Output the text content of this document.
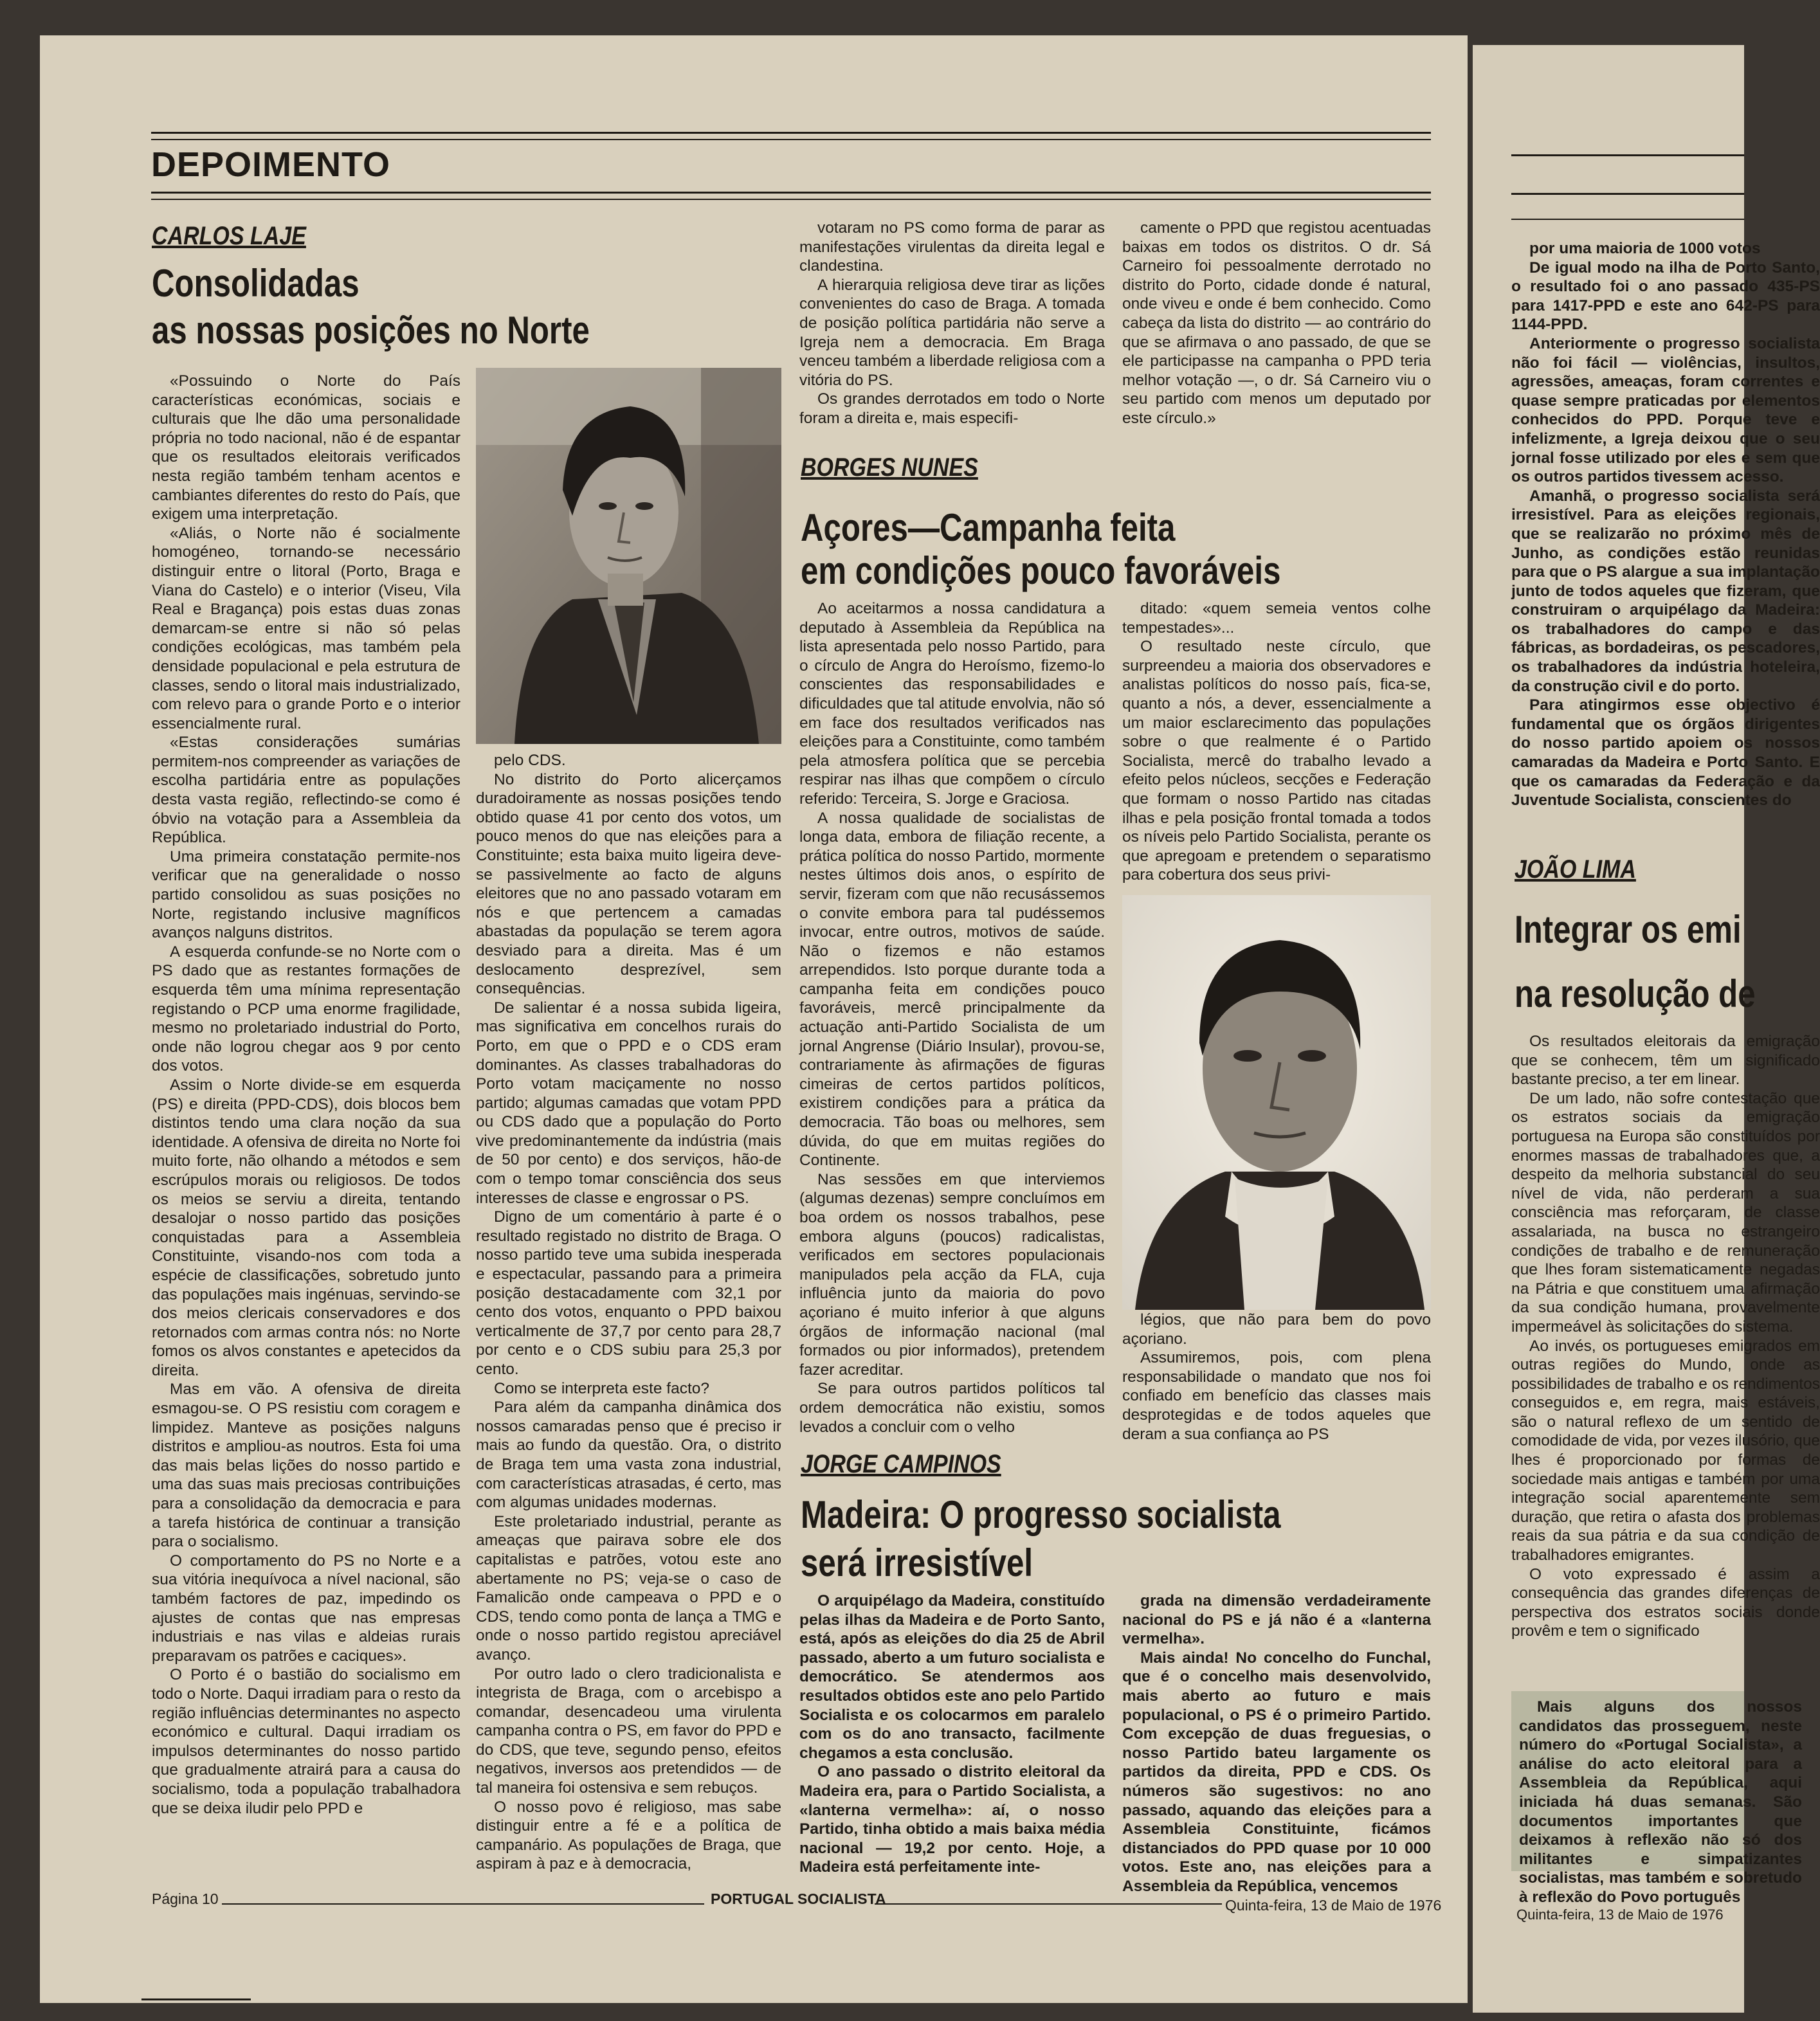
DEPOIMENTO
CARLOS LAJE
Consolidadas
as nossas posições no Norte

«Possuindo o Norte do País características económicas, sociais e culturais que lhe dão uma personalidade própria no todo nacional, não é de espantar que os resultados eleitorais verificados nesta região também tenham acentos e cambiantes diferentes do resto do País, que exigem uma interpretação.

«Aliás, o Norte não é socialmente homogéneo, tornando-se necessário distinguir entre o litoral (Porto, Braga e Viana do Castelo) e o interior (Viseu, Vila Real e Bragança) pois estas duas zonas demarcam-se entre si não só pelas condições ecológicas, mas também pela densidade populacional e pela estrutura de classes, sendo o litoral mais industrializado, com relevo para o grande Porto e o interior essencialmente rural.

«Estas considerações sumárias permitem-nos compreender as variações de escolha partidária entre as populações desta vasta região, reflectindo-se como é óbvio na votação para a Assembleia da República.

Uma primeira constatação permite-nos verificar que na generalidade o nosso partido consolidou as suas posições no Norte, registando inclusive magníficos avanços nalguns distritos.

A esquerda confunde-se no Norte com o PS dado que as restantes formações de esquerda têm uma mínima representação registando o PCP uma enorme fragilidade, mesmo no proletariado industrial do Porto, onde não logrou chegar aos 9 por cento dos votos.

Assim o Norte divide-se em esquerda (PS) e direita (PPD-CDS), dois blocos bem distintos tendo uma clara noção da sua identidade. A ofensiva de direita no Norte foi muito forte, não olhando a métodos e sem escrúpulos morais ou religiosos. De todos os meios se serviu a direita, tentando desalojar o nosso partido das posições conquistadas para a Assembleia Constituinte, visando-nos com toda a espécie de classificações, sobretudo junto das populações mais ingénuas, servindo-se dos meios clericais conservadores e dos retornados com armas contra nós: no Norte fomos os alvos constantes e apetecidos da direita.

Mas em vão. A ofensiva de direita esmagou-se. O PS resistiu com coragem e limpidez. Manteve as posições nalguns distritos e ampliou-as noutros. Esta foi uma das mais belas lições do nosso partido e uma das suas mais preciosas contribuições para a consolidação da democracia e para a tarefa histórica de continuar a transição para o socialismo.

O comportamento do PS no Norte e a sua vitória inequívoca a nível nacional, são também factores de paz, impedindo os ajustes de contas que nas empresas industriais e nas vilas e aldeias rurais preparavam os patrões e caciques».

O Porto é o bastião do socialismo em todo o Norte. Daqui irradiam para o resto da região influências determinantes no aspecto económico e cultural. Daqui irradiam os impulsos determinantes do nosso partido que gradualmente atrairá para a causa do socialismo, toda a população trabalhadora que se deixa iludir pelo PPD e

pelo CDS.

No distrito do Porto alicerçamos duradoiramente as nossas posições tendo obtido quase 41 por cento dos votos, um pouco menos do que nas eleições para a Constituinte; esta baixa muito ligeira deve-se passivelmente ao facto de alguns eleitores que no ano passado votaram em nós e que pertencem a camadas abastadas da população se terem agora desviado para a direita. Mas é um deslocamento desprezível, sem consequências.

De salientar é a nossa subida ligeira, mas significativa em concelhos rurais do Porto, em que o PPD e o CDS eram dominantes. As classes trabalhadoras do Porto votam maciçamente no nosso partido; algumas camadas que votam PPD ou CDS dado que a população do Porto vive predominantemente da indústria (mais de 50 por cento) e dos serviços, hão-de com o tempo tomar consciência dos seus interesses de classe e engrossar o PS.

Digno de um comentário à parte é o resultado registado no distrito de Braga. O nosso partido teve uma subida inesperada e espectacular, passando para a primeira posição destacadamente com 32,1 por cento dos votos, enquanto o PPD baixou verticalmente de 37,7 por cento para 28,7 por cento e o CDS subiu para 25,3 por cento.

Como se interpreta este facto?

Para além da campanha dinâmica dos nossos camaradas penso que é preciso ir mais ao fundo da questão. Ora, o distrito de Braga tem uma vasta zona industrial, com características atrasadas, é certo, mas com algumas unidades modernas.

Este proletariado industrial, perante as ameaças que pairava sobre ele dos capitalistas e patrões, votou este ano abertamente no PS; veja-se o caso de Famalicão onde campeava o PPD e o CDS, tendo como ponta de lança a TMG e onde o nosso partido registou apreciável avanço.

Por outro lado o clero tradicionalista e integrista de Braga, com o arcebispo a comandar, desencadeou uma virulenta campanha contra o PS, em favor do PPD e do CDS, que teve, segundo penso, efeitos negativos, inversos aos pretendidos — de tal maneira foi ostensiva e sem rebuços.

O nosso povo é religioso, mas sabe distinguir entre a fé e a política de campanário. As populações de Braga, que aspiram à paz e à democracia,

votaram no PS como forma de parar as manifestações virulentas da direita legal e clandestina.

A hierarquia religiosa deve tirar as lições convenientes do caso de Braga. A tomada de posição política partidária não serve a Igreja nem a democracia. Em Braga venceu também a liberdade religiosa com a vitória do PS.

Os grandes derrotados em todo o Norte foram a direita e, mais especifi-

camente o PPD que registou acentuadas baixas em todos os distritos. O dr. Sá Carneiro foi pessoalmente derrotado no distrito do Porto, cidade donde é natural, onde viveu e onde é bem conhecido. Como cabeça da lista do distrito — ao contrário do que se afirmava o ano passado, de que se ele participasse na campanha o PPD teria melhor votação —, o dr. Sá Carneiro viu o seu partido com menos um deputado por este círculo.»

BORGES NUNES
Açores—Campanha feita
em condições pouco favoráveis

Ao aceitarmos a nossa candidatura a deputado à Assembleia da República na lista apresentada pelo nosso Partido, para o círculo de Angra do Heroísmo, fizemo-lo conscientes das responsabilidades e dificuldades que tal atitude envolvia, não só em face dos resultados verificados nas eleições para a Constituinte, como também pela atmosfera política que se percebia respirar nas ilhas que compõem o círculo referido: Terceira, S. Jorge e Graciosa.

A nossa qualidade de socialistas de longa data, embora de filiação recente, a prática política do nosso Partido, mormente nestes últimos dois anos, o espírito de servir, fizeram com que não recusássemos o convite embora para tal pudéssemos invocar, entre outros, motivos de saúde. Não o fizemos e não estamos arrependidos. Isto porque durante toda a campanha feita em condições pouco favoráveis, mercê principalmente da actuação anti-Partido Socialista de um jornal Angrense (Diário Insular), provou-se, contrariamente às afirmações de figuras cimeiras de certos partidos políticos, existirem condições para a prática da democracia. Tão boas ou melhores, sem dúvida, do que em muitas regiões do Continente.

Nas sessões em que interviemos (algumas dezenas) sempre concluímos em boa ordem os nossos trabalhos, pese embora alguns (poucos) radicalistas, verificados em sectores populacionais manipulados pela acção da FLA, cuja influência junto da maioria do povo açoriano é muito inferior à que alguns órgãos de informação nacional (mal formados ou pior informados), pretendem fazer acreditar.

Se para outros partidos políticos tal ordem democrática não existiu, somos levados a concluir com o velho

ditado: «quem semeia ventos colhe tempestades»...

O resultado neste círculo, que surpreendeu a maioria dos observadores e analistas políticos do nosso país, fica-se, quanto a nós, a dever, essencialmente a um maior esclarecimento das populações sobre o que realmente é o Partido Socialista, mercê do trabalho levado a efeito pelos núcleos, secções e Federação que formam o nosso Partido nas citadas ilhas e pela posição frontal tomada a todos os níveis pelo Partido Socialista, perante os que apregoam e pretendem o separatismo para cobertura dos seus privi-

légios, que não para bem do povo açoriano.

Assumiremos, pois, com plena responsabilidade o mandato que nos foi confiado em benefício das classes mais desprotegidas e de todos aqueles que deram a sua confiança ao PS

JORGE CAMPINOS
Madeira: O progresso socialista
será irresistível

O arquipélago da Madeira, constituído pelas ilhas da Madeira e de Porto Santo, está, após as eleições do dia 25 de Abril passado, aberto a um futuro socialista e democrático. Se atendermos aos resultados obtidos este ano pelo Partido Socialista e os colocarmos em paralelo com os do ano transacto, facilmente chegamos a esta conclusão.

O ano passado o distrito eleitoral da Madeira era, para o Partido Socialista, a «lanterna vermelha»: aí, o nosso Partido, tinha obtido a mais baixa média nacional — 19,2 por cento. Hoje, a Madeira está perfeitamente inte-

grada na dimensão verdadeiramente nacional do PS e já não é a «lanterna vermelha».

Mais ainda! No concelho do Funchal, que é o concelho mais desenvolvido, mais aberto ao futuro e mais populacional, o PS é o primeiro Partido. Com excepção de duas freguesias, o nosso Partido bateu largamente os partidos da direita, PPD e CDS. Os números são sugestivos: no ano passado, aquando das eleições para a Assembleia Constituinte, ficámos distanciados do PPD quase por 10 000 votos. Este ano, nas eleições para a Assembleia da República, vencemos

Página 10	PORTUGAL SOCIALISTA	Quinta-feira, 13 de Maio de 1976

por uma maioria de 1000 votos

De igual modo na ilha de Porto Santo, o resultado foi o ano passado 435-PS para 1417-PPD e este ano 642-PS para 1144-PPD.

Anteriormente o progresso socialista não foi fácil — violências, insultos, agressões, ameaças, foram correntes e quase sempre praticadas por elementos conhecidos do PPD. Porque teve e infelizmente, a Igreja deixou que o seu jornal fosse utilizado por eles e sem que os outros partidos tivessem acesso.

Amanhã, o progresso socialista será irresistível. Para as eleições regionais, que se realizarão no próximo mês de Junho, as condições estão reunidas para que o PS alargue a sua implantação junto de todos aqueles que fizeram, que construiram o arquipélago da Madeira: os trabalhadores do campo e das fábricas, as bordadeiras, os pescadores, os trabalhadores da indústria hoteleira, da construção civil e do porto.

Para atingirmos esse objectivo é fundamental que os órgãos dirigentes do nosso partido apoiem os nossos camaradas da Madeira e Porto Santo. E que os camaradas da Federação e da Juventude Socialista, conscientes do

JOÃO LIMA
Integrar os emi
na resolução de

Os resultados eleitorais da emigração que se conhecem, têm um significado bastante preciso, a ter em linear.

De um lado, não sofre contestação que os estratos sociais da emigração portuguesa na Europa são constituídos por enormes massas de trabalhadores que, a despeito da melhoria substancial do seu nível de vida, não perderam a sua consciência mas reforçaram, de classe assalariada, na busca no estrangeiro condições de trabalho e de remuneração que lhes foram sistematicamente negadas na Pátria e que constituem uma afirmação da sua condição humana, provavelmente impermeável às solicitações do sistema.

Ao invés, os portugueses emigrados em outras regiões do Mundo, onde as possibilidades de trabalho e os rendimentos conseguidos e, em regra, mais estáveis, são o natural reflexo de um sentido de comodidade de vida, por vezes ilusório, que lhes é proporcionado por formas de sociedade mais antigas e também por uma integração social aparentemente sem duração, que retira o afasta dos problemas reais da sua pátria e da sua condição de trabalhadores emigrantes.

O voto expressado é assim a consequência das grandes diferenças de perspectiva dos estratos sociais donde provêm e tem o significado

Mais alguns dos nossos candidatos das prosseguem, neste número do «Portugal Socialista», a análise do acto eleitoral para a Assembleia da República, aqui iniciada há duas semanas. São documentos importantes que deixamos à reflexão não só dos militantes e simpatizantes socialistas, mas também e sobretudo à reflexão do Povo português

Quinta-feira, 13 de Maio de 1976
